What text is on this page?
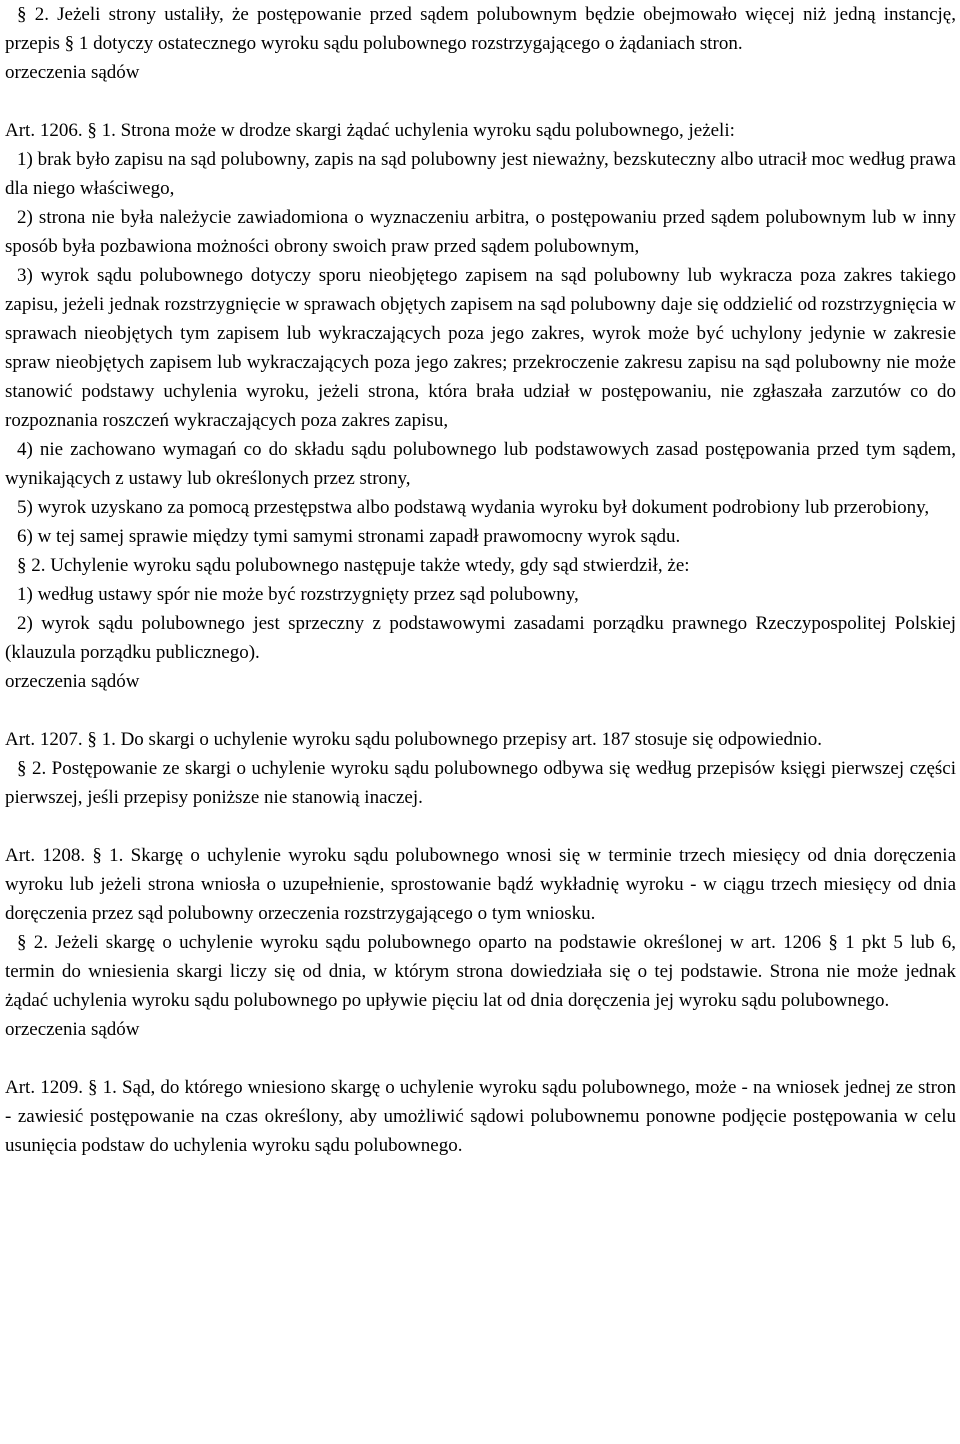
§ 2. Jeżeli strony ustaliły, że postępowanie przed sądem polubownym będzie obejmowało więcej niż jedną instancję, przepis § 1 dotyczy ostatecznego wyroku sądu polubownego rozstrzygającego o żądaniach stron.

orzeczenia sądów

Art. 1206. § 1. Strona może w drodze skargi żądać uchylenia wyroku sądu polubownego, jeżeli:

1) brak było zapisu na sąd polubowny, zapis na sąd polubowny jest nieważny, bezskuteczny albo utracił moc według prawa dla niego właściwego,

2) strona nie była należycie zawiadomiona o wyznaczeniu arbitra, o postępowaniu przed sądem polubownym lub w inny sposób była pozbawiona możności obrony swoich praw przed sądem polubownym,

3) wyrok sądu polubownego dotyczy sporu nieobjętego zapisem na sąd polubowny lub wykracza poza zakres takiego zapisu, jeżeli jednak rozstrzygnięcie w sprawach objętych zapisem na sąd polubowny daje się oddzielić od rozstrzygnięcia w sprawach nieobjętych tym zapisem lub wykraczających poza jego zakres, wyrok może być uchylony jedynie w zakresie spraw nieobjętych zapisem lub wykraczających poza jego zakres; przekroczenie zakresu zapisu na sąd polubowny nie może stanowić podstawy uchylenia wyroku, jeżeli strona, która brała udział w postępowaniu, nie zgłaszała zarzutów co do rozpoznania roszczeń wykraczających poza zakres zapisu,

4) nie zachowano wymagań co do składu sądu polubownego lub podstawowych zasad postępowania przed tym sądem, wynikających z ustawy lub określonych przez strony,

5) wyrok uzyskano za pomocą przestępstwa albo podstawą wydania wyroku był dokument podrobiony lub przerobiony,

6) w tej samej sprawie między tymi samymi stronami zapadł prawomocny wyrok sądu.

§ 2. Uchylenie wyroku sądu polubownego następuje także wtedy, gdy sąd stwierdził, że:

1) według ustawy spór nie może być rozstrzygnięty przez sąd polubowny,

2) wyrok sądu polubownego jest sprzeczny z podstawowymi zasadami porządku prawnego Rzeczypospolitej Polskiej (klauzula porządku publicznego).

orzeczenia sądów

Art. 1207. § 1. Do skargi o uchylenie wyroku sądu polubownego przepisy art. 187 stosuje się odpowiednio.

§ 2. Postępowanie ze skargi o uchylenie wyroku sądu polubownego odbywa się według przepisów księgi pierwszej części pierwszej, jeśli przepisy poniższe nie stanowią inaczej.

Art. 1208. § 1. Skargę o uchylenie wyroku sądu polubownego wnosi się w terminie trzech miesięcy od dnia doręczenia wyroku lub jeżeli strona wniosła o uzupełnienie, sprostowanie bądź wykładnię wyroku - w ciągu trzech miesięcy od dnia doręczenia przez sąd polubowny orzeczenia rozstrzygającego o tym wniosku.

§ 2. Jeżeli skargę o uchylenie wyroku sądu polubownego oparto na podstawie określonej w art. 1206 § 1 pkt 5 lub 6, termin do wniesienia skargi liczy się od dnia, w którym strona dowiedziała się o tej podstawie. Strona nie może jednak żądać uchylenia wyroku sądu polubownego po upływie pięciu lat od dnia doręczenia jej wyroku sądu polubownego.

orzeczenia sądów

Art. 1209. § 1. Sąd, do którego wniesiono skargę o uchylenie wyroku sądu polubownego, może - na wniosek jednej ze stron - zawiesić postępowanie na czas określony, aby umożliwić sądowi polubownemu ponowne podjęcie postępowania w celu usunięcia podstaw do uchylenia wyroku sądu polubownego.
